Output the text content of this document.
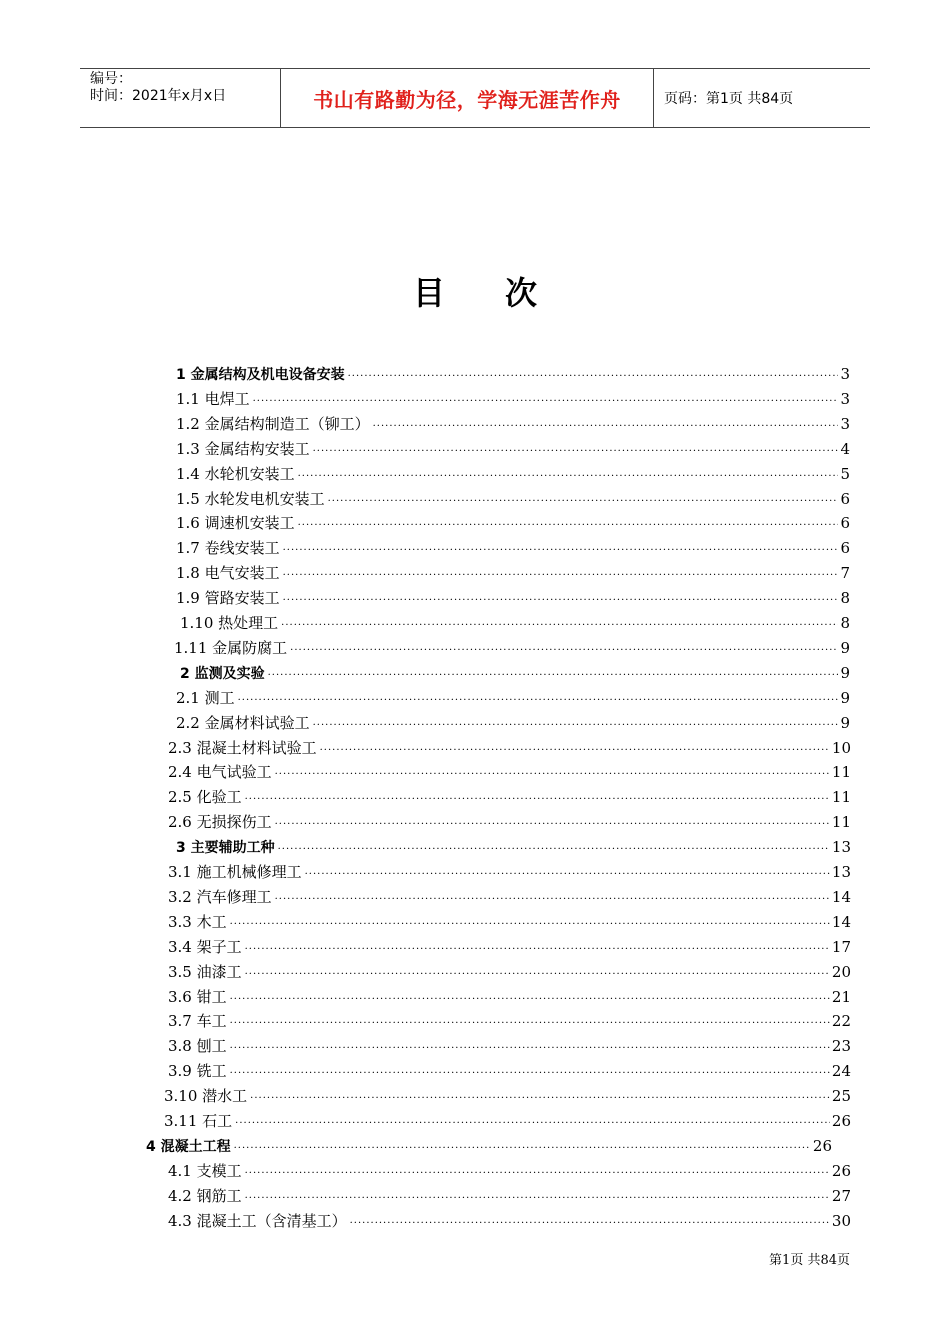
编号：
时间：2021年x月x日	书山有路勤为径，学海无涯苦作舟	页码：第1页 共84页
目次
1 金属结构及机电设备安装 ·····	3
1.1 电焊工 ·····	3
1.2 金属结构制造工（铆工） ·····	3
1.3 金属结构安装工 ·····	4
1.4 水轮机安装工 ·····	5
1.5 水轮发电机安装工 ·····	6
1.6 调速机安装工 ·····	6
1.7 卷线安装工 ·····	6
1.8 电气安装工 ·····	7
1.9 管路安装工 ·····	8
1.10 热处理工 ·····	8
1.11 金属防腐工 ·····	9
2 监测及实验 ·····	9
2.1 测工 ·····	9
2.2 金属材料试验工 ·····	9
2.3 混凝土材料试验工 ·····	10
2.4 电气试验工 ·····	11
2.5 化验工 ·····	11
2.6 无损探伤工 ·····	11
3 主要辅助工种 ·····	13
3.1 施工机械修理工 ·····	13
3.2 汽车修理工 ·····	14
3.3 木工 ·····	14
3.4 架子工 ·····	17
3.5 油漆工 ·····	20
3.6 钳工 ·····	21
3.7 车工 ·····	22
3.8 刨工 ·····	23
3.9 铣工 ·····	24
3.10 潜水工 ·····	25
3.11 石工 ·····	26
4 混凝土工程 ·····	26
4.1 支模工 ·····	26
4.2 钢筋工 ·····	27
4.3 混凝土工（含清基工） ·····	30
第1页 共84页
